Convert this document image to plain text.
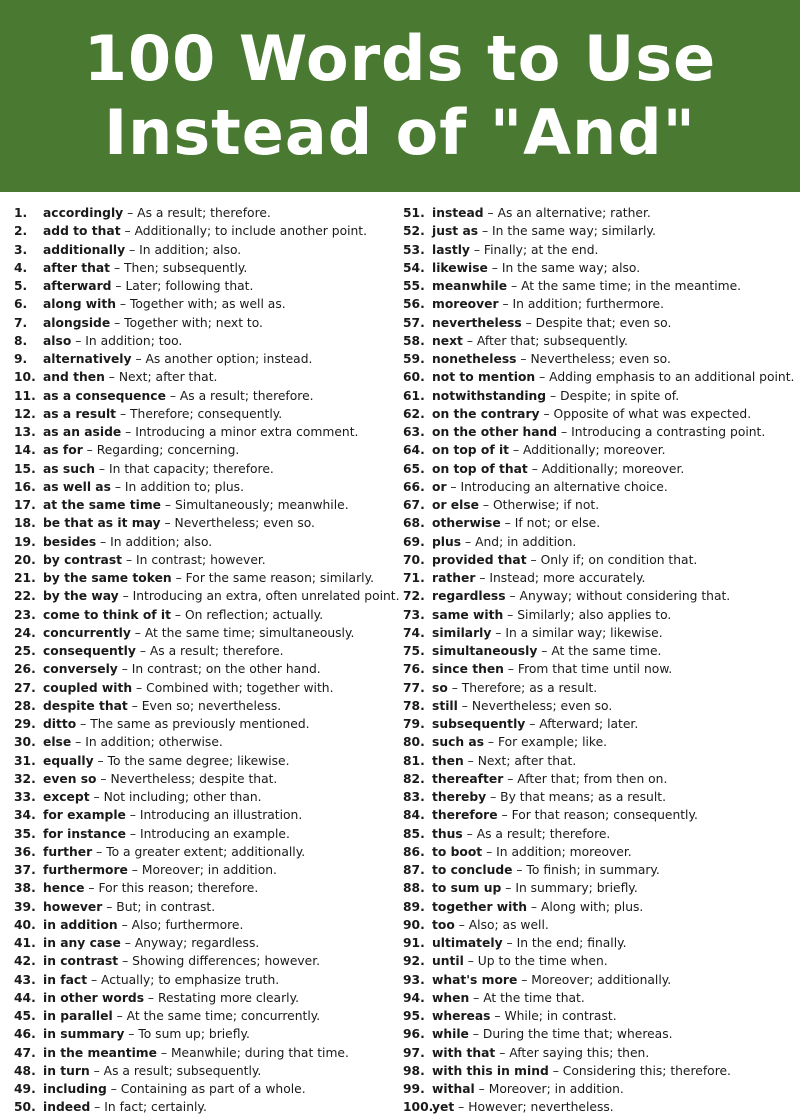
100 Words to Use
Instead of "And"
1.	accordingly – As a result; therefore.
2.	add to that – Additionally; to include another point.
3.	additionally – In addition; also.
4.	after that – Then; subsequently.
5.	afterward – Later; following that.
6.	along with – Together with; as well as.
7.	alongside – Together with; next to.
8.	also – In addition; too.
9.	alternatively – As another option; instead.
10. and then – Next; after that.
11. as a consequence – As a result; therefore.
12. as a result – Therefore; consequently.
13. as an aside – Introducing a minor extra comment.
14. as for – Regarding; concerning.
15. as such – In that capacity; therefore.
16. as well as – In addition to; plus.
17. at the same time – Simultaneously; meanwhile.
18. be that as it may – Nevertheless; even so.
19. besides – In addition; also.
20. by contrast – In contrast; however.
21. by the same token – For the same reason; similarly.
22. by the way – Introducing an extra, often unrelated point.
23. come to think of it – On reflection; actually.
24. concurrently – At the same time; simultaneously.
25. consequently – As a result; therefore.
26. conversely – In contrast; on the other hand.
27. coupled with – Combined with; together with.
28. despite that – Even so; nevertheless.
29. ditto – The same as previously mentioned.
30. else – In addition; otherwise.
31. equally – To the same degree; likewise.
32. even so – Nevertheless; despite that.
33. except – Not including; other than.
34. for example – Introducing an illustration.
35. for instance – Introducing an example.
36. further – To a greater extent; additionally.
37. furthermore – Moreover; in addition.
38. hence – For this reason; therefore.
39. however – But; in contrast.
40. in addition – Also; furthermore.
41. in any case – Anyway; regardless.
42. in contrast – Showing differences; however.
43. in fact – Actually; to emphasize truth.
44. in other words – Restating more clearly.
45. in parallel – At the same time; concurrently.
46. in summary – To sum up; briefly.
47. in the meantime – Meanwhile; during that time.
48. in turn – As a result; subsequently.
49. including – Containing as part of a whole.
50. indeed – In fact; certainly.
51. instead – As an alternative; rather.
52. just as – In the same way; similarly.
53. lastly – Finally; at the end.
54. likewise – In the same way; also.
55. meanwhile – At the same time; in the meantime.
56. moreover – In addition; furthermore.
57. nevertheless – Despite that; even so.
58. next – After that; subsequently.
59. nonetheless – Nevertheless; even so.
60. not to mention – Adding emphasis to an additional point.
61. notwithstanding – Despite; in spite of.
62. on the contrary – Opposite of what was expected.
63. on the other hand – Introducing a contrasting point.
64. on top of it – Additionally; moreover.
65. on top of that – Additionally; moreover.
66. or – Introducing an alternative choice.
67. or else – Otherwise; if not.
68. otherwise – If not; or else.
69. plus – And; in addition.
70. provided that – Only if; on condition that.
71. rather – Instead; more accurately.
72. regardless – Anyway; without considering that.
73. same with – Similarly; also applies to.
74. similarly – In a similar way; likewise.
75. simultaneously – At the same time.
76. since then – From that time until now.
77. so – Therefore; as a result.
78. still – Nevertheless; even so.
79. subsequently – Afterward; later.
80. such as – For example; like.
81. then – Next; after that.
82. thereafter – After that; from then on.
83. thereby – By that means; as a result.
84. therefore – For that reason; consequently.
85. thus – As a result; therefore.
86. to boot – In addition; moreover.
87. to conclude – To finish; in summary.
88. to sum up – In summary; briefly.
89. together with – Along with; plus.
90. too – Also; as well.
91. ultimately – In the end; finally.
92. until – Up to the time when.
93. what's more – Moreover; additionally.
94. when – At the time that.
95. whereas – While; in contrast.
96. while – During the time that; whereas.
97. with that – After saying this; then.
98. with this in mind – Considering this; therefore.
99. withal – Moreover; in addition.
100.
yet – However; nevertheless.
